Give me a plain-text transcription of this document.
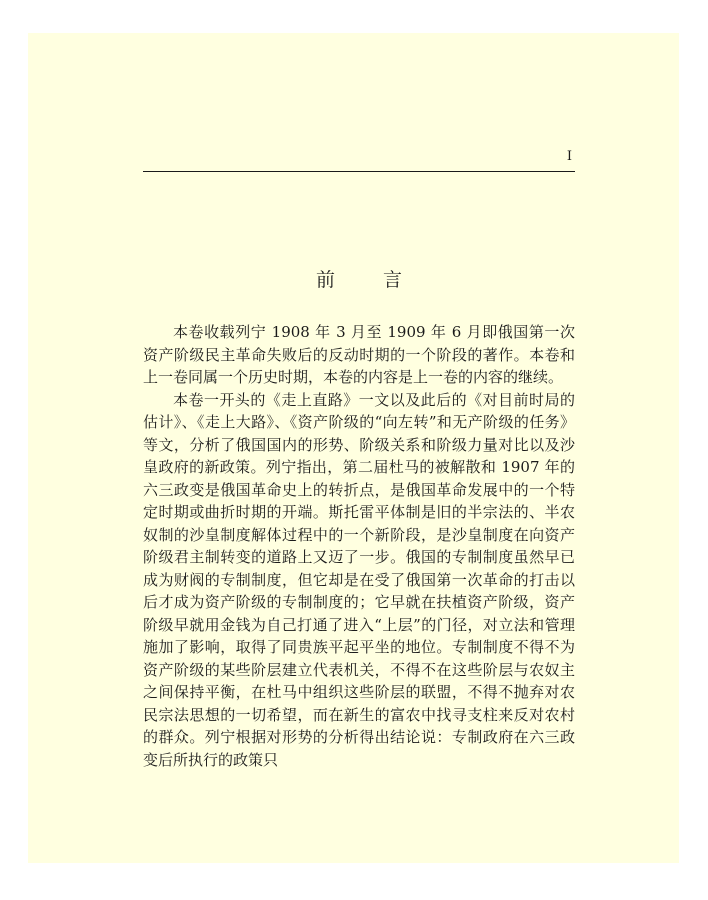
I
前言

本卷收载列宁 1908 年 3 月至 1909 年 6 月即俄国第一次资产阶级民主革命失败后的反动时期的一个阶段的著作。本卷和上一卷同属一个历史时期，本卷的内容是上一卷的内容的继续。

本卷一开头的《走上直路》一文以及此后的《对目前时局的估计》、《走上大路》、《资产阶级的“向左转”和无产阶级的任务》等文，分析了俄国国内的形势、阶级关系和阶级力量对比以及沙皇政府的新政策。列宁指出，第二届杜马的被解散和 1907 年的六三政变是俄国革命史上的转折点，是俄国革命发展中的一个特定时期或曲折时期的开端。斯托雷平体制是旧的半宗法的、半农奴制的沙皇制度解体过程中的一个新阶段，是沙皇制度在向资产阶级君主制转变的道路上又迈了一步。俄国的专制制度虽然早已成为财阀的专制制度，但它却是在受了俄国第一次革命的打击以后才成为资产阶级的专制制度的；它早就在扶植资产阶级，资产阶级早就用金钱为自己打通了进入“上层”的门径，对立法和管理施加了影响，取得了同贵族平起平坐的地位。专制制度不得不为资产阶级的某些阶层建立代表机关，不得不在这些阶层与农奴主之间保持平衡，在杜马中组织这些阶层的联盟，不得不抛弃对农民宗法思想的一切希望，而在新生的富农中找寻支柱来反对农村的群众。列宁根据对形势的分析得出结论说：专制政府在六三政变后所执行的政策只
